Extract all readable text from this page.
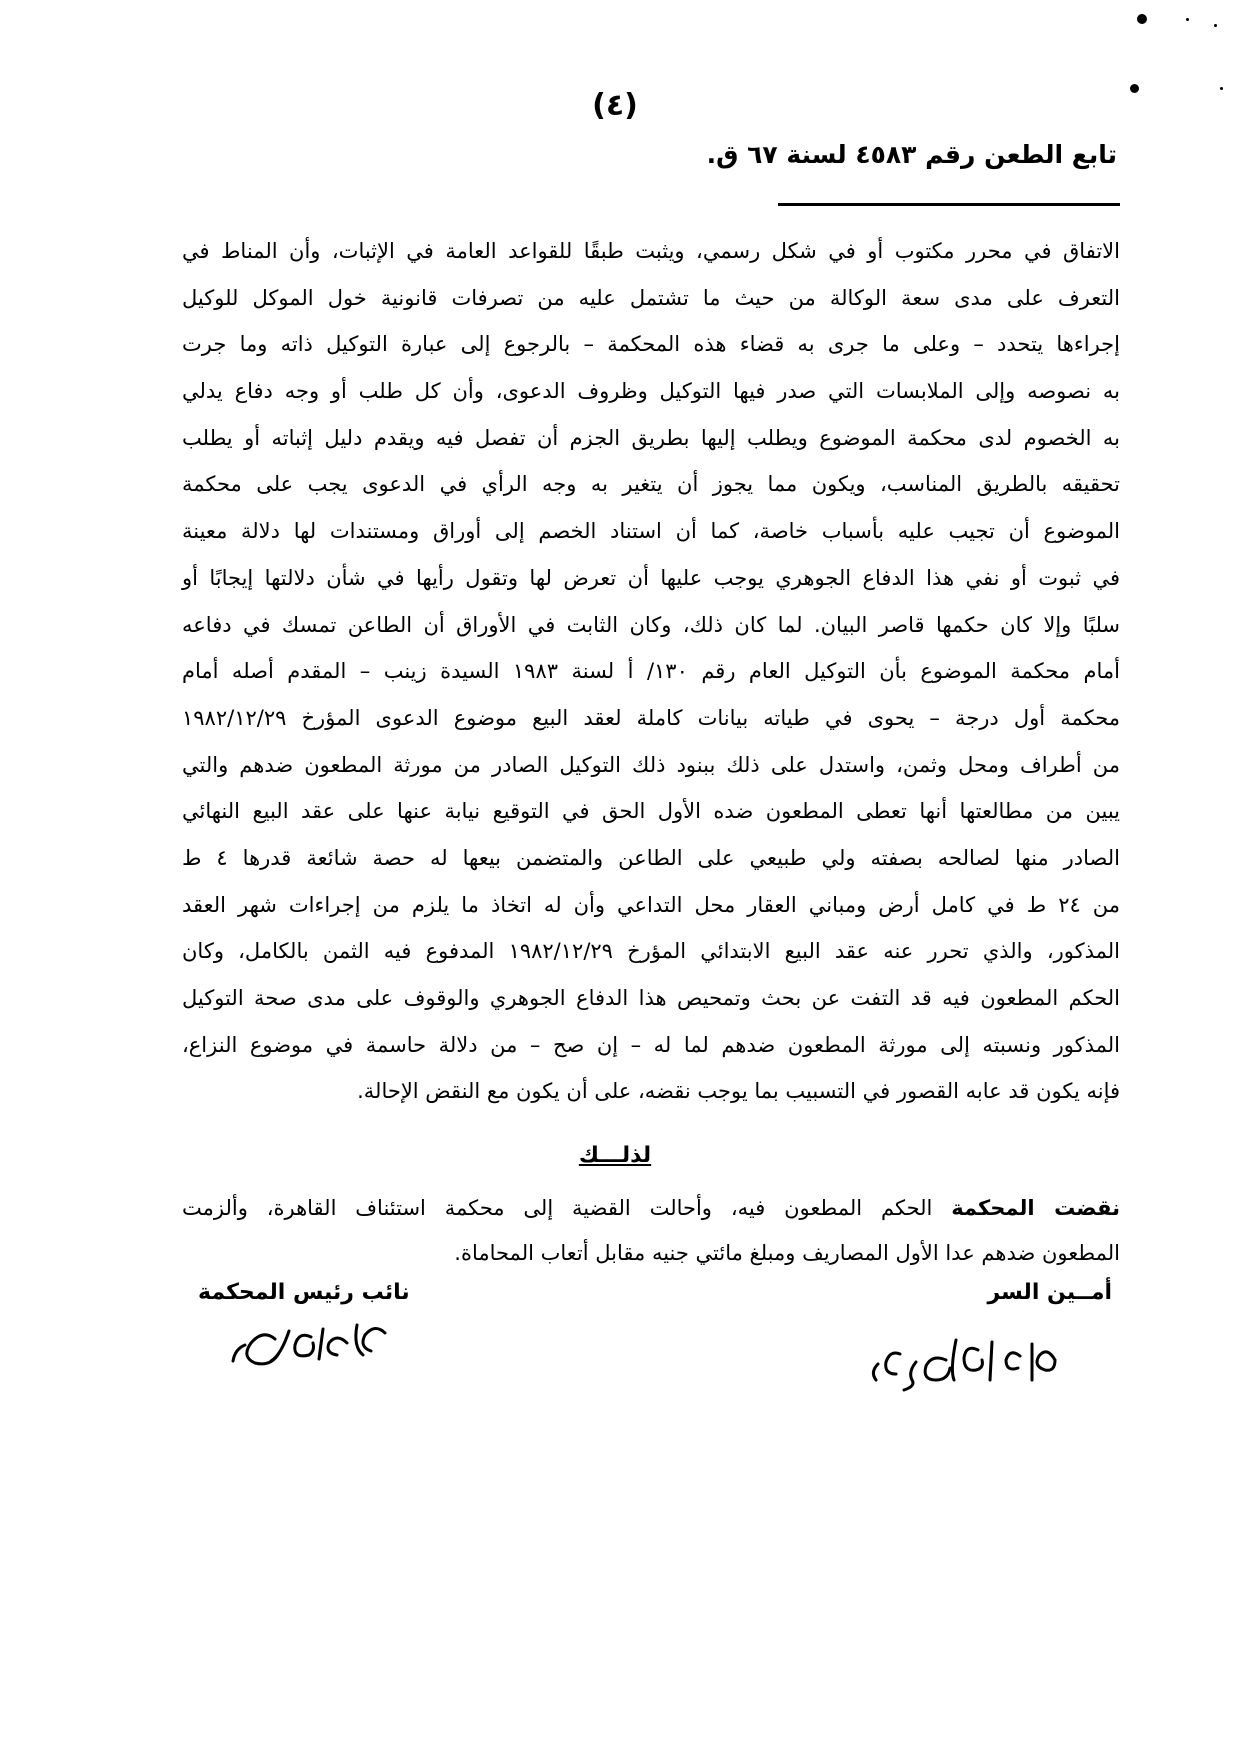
(٤)
تابع الطعن رقم ٤٥٨٣ لسنة ٦٧ ق.
الاتفاق في محرر مكتوب أو في شكل رسمي، ويثبت طبقًا للقواعد العامة في الإثبات، وأن المناط في
التعرف على مدى سعة الوكالة من حيث ما تشتمل عليه من تصرفات قانونية خول الموكل للوكيل
إجراءها يتحدد – وعلى ما جرى به قضاء هذه المحكمة – بالرجوع إلى عبارة التوكيل ذاته وما جرت
به نصوصه وإلى الملابسات التي صدر فيها التوكيل وظروف الدعوى، وأن كل طلب أو وجه دفاع يدلي
به الخصوم لدى محكمة الموضوع ويطلب إليها بطريق الجزم أن تفصل فيه ويقدم دليل إثباته أو يطلب
تحقيقه بالطريق المناسب، ويكون مما يجوز أن يتغير به وجه الرأي في الدعوى يجب على محكمة
الموضوع أن تجيب عليه بأسباب خاصة، كما أن استناد الخصم إلى أوراق ومستندات لها دلالة معينة
في ثبوت أو نفي هذا الدفاع الجوهري يوجب عليها أن تعرض لها وتقول رأيها في شأن دلالتها إيجابًا أو
سلبًا وإلا كان حكمها قاصر البيان. لما كان ذلك، وكان الثابت في الأوراق أن الطاعن تمسك في دفاعه
أمام محكمة الموضوع بأن التوكيل العام رقم ١٣٠/ أ لسنة ١٩٨٣ السيدة زينب – المقدم أصله أمام
محكمة أول درجة – يحوى في طياته بيانات كاملة لعقد البيع موضوع الدعوى المؤرخ ١٩٨٢/١٢/٢٩
من أطراف ومحل وثمن، واستدل على ذلك ببنود ذلك التوكيل الصادر من مورثة المطعون ضدهم والتي
يبين من مطالعتها أنها تعطى المطعون ضده الأول الحق في التوقيع نيابة عنها على عقد البيع النهائي
الصادر منها لصالحه بصفته ولي طبيعي على الطاعن والمتضمن بيعها له حصة شائعة قدرها ٤ ط
من ٢٤ ط في كامل أرض ومباني العقار محل التداعي وأن له اتخاذ ما يلزم من إجراءات شهر العقد
المذكور، والذي تحرر عنه عقد البيع الابتدائي المؤرخ ١٩٨٢/١٢/٢٩ المدفوع فيه الثمن بالكامل، وكان
الحكم المطعون فيه قد التفت عن بحث وتمحيص هذا الدفاع الجوهري والوقوف على مدى صحة التوكيل
المذكور ونسبته إلى مورثة المطعون ضدهم لما له – إن صح – من دلالة حاسمة في موضوع النزاع،
فإنه يكون قد عابه القصور في التسبيب بما يوجب نقضه، على أن يكون مع النقض الإحالة.
لذلـــك
نقضت المحكمة الحكم المطعون فيه، وأحالت القضية إلى محكمة استئناف القاهرة، وألزمت
المطعون ضدهم عدا الأول المصاريف ومبلغ مائتي جنيه مقابل أتعاب المحاماة.
أمــين السر
نائب رئيس المحكمة
